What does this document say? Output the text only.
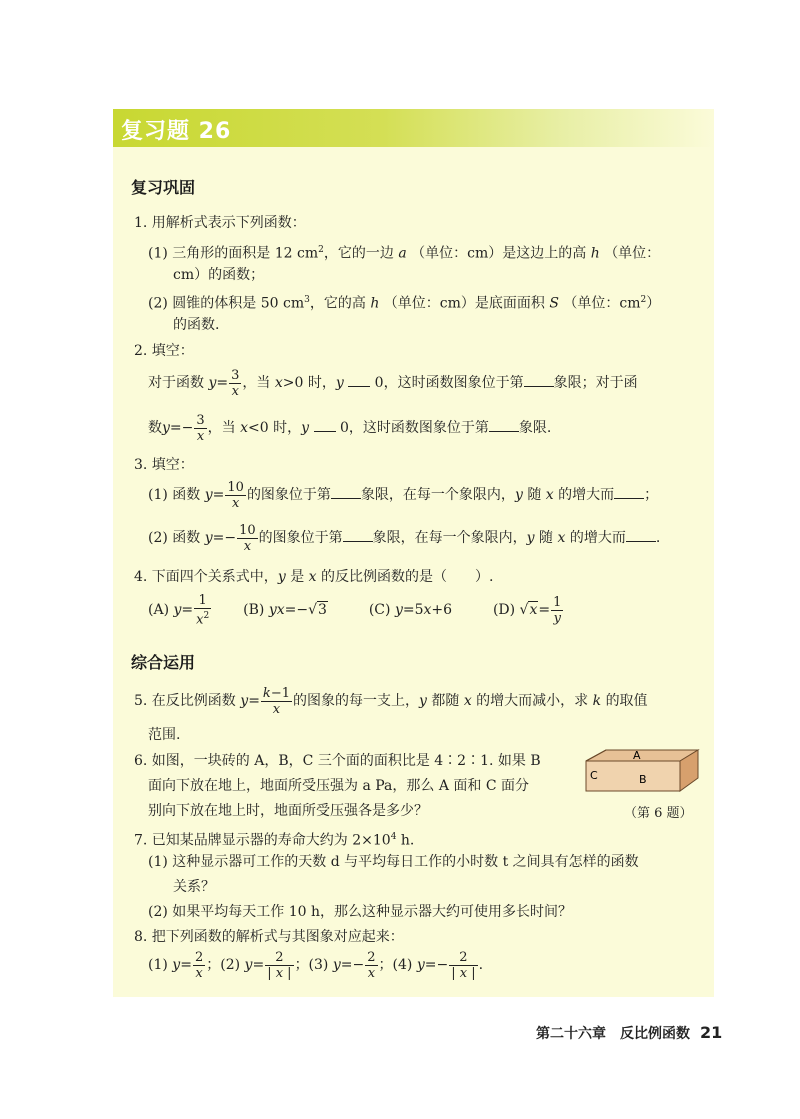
复习题 26
复习巩固
1. 用解析式表示下列函数：
(1) 三角形的面积是 12 $cm^2$，它的一边 a （单位：cm）是这边上的高 h （单位：
cm）的函数；
(2) 圆锥的体积是 50 $cm^3$，它的高 h （单位：cm）是底面面积 S （单位：$cm^2$）
的函数.
2. 填空：
对于函数 $y= \frac{3}{x}$ ，当 x>0 时，y 0，这时函数图象位于第 象限；对于函
数$y=- \frac{3}{x}$ ，当 x<0 时，y 0，这时函数图象位于第 象限.
3. 填空：
(1) 函数 $y= \frac{10}{x}$ 的图象位于第 象限，在每一个象限内，y 随 x 的增大而 ；
(2) 函数 $y=- \frac{10}{x}$ 的图象位于第 象限，在每一个象限内，y 随 x 的增大而 .
4. 下面四个关系式中，y 是 x 的反比例函数的是（　　）.
(A) $y= \frac{1}{x^2} (B)$ yx=−√3	(C) y=5x+6	(D) $√x= \frac{1}{y}$
综合运用
5. 在反比例函数 $y= \frac{k-1}{x}$ 的图象的每一支上，y 都随 x 的增大而减小，求 k 的取值
范围.
6. 如图，一块砖的 A，B，C 三个面的面积比是 4∶2∶1. 如果 B
面向下放在地上，地面所受压强为 a Pa，那么 A 面和 C 面分
别向下放在地上时，地面所受压强各是多少？
A
B
C
（第 6 题）
7. 已知某品牌显示器的寿命大约为 $2\times 10^4$ h.
(1) 这种显示器可工作的天数 d 与平均每日工作的小时数 t 之间具有怎样的函数
关系？
(2) 如果平均每天工作 10 h，那么这种显示器大约可使用多长时间？
8. 把下列函数的解析式与其图象对应起来：
(1) $y= \frac{2}{x}$ ；(2) $y= \frac{2}{| x |}$ ；(3) $y=- \frac{2}{x}$ ；(4) $y=- \frac{2}{| x |}$ .
第二十六章　反比例函数 21
